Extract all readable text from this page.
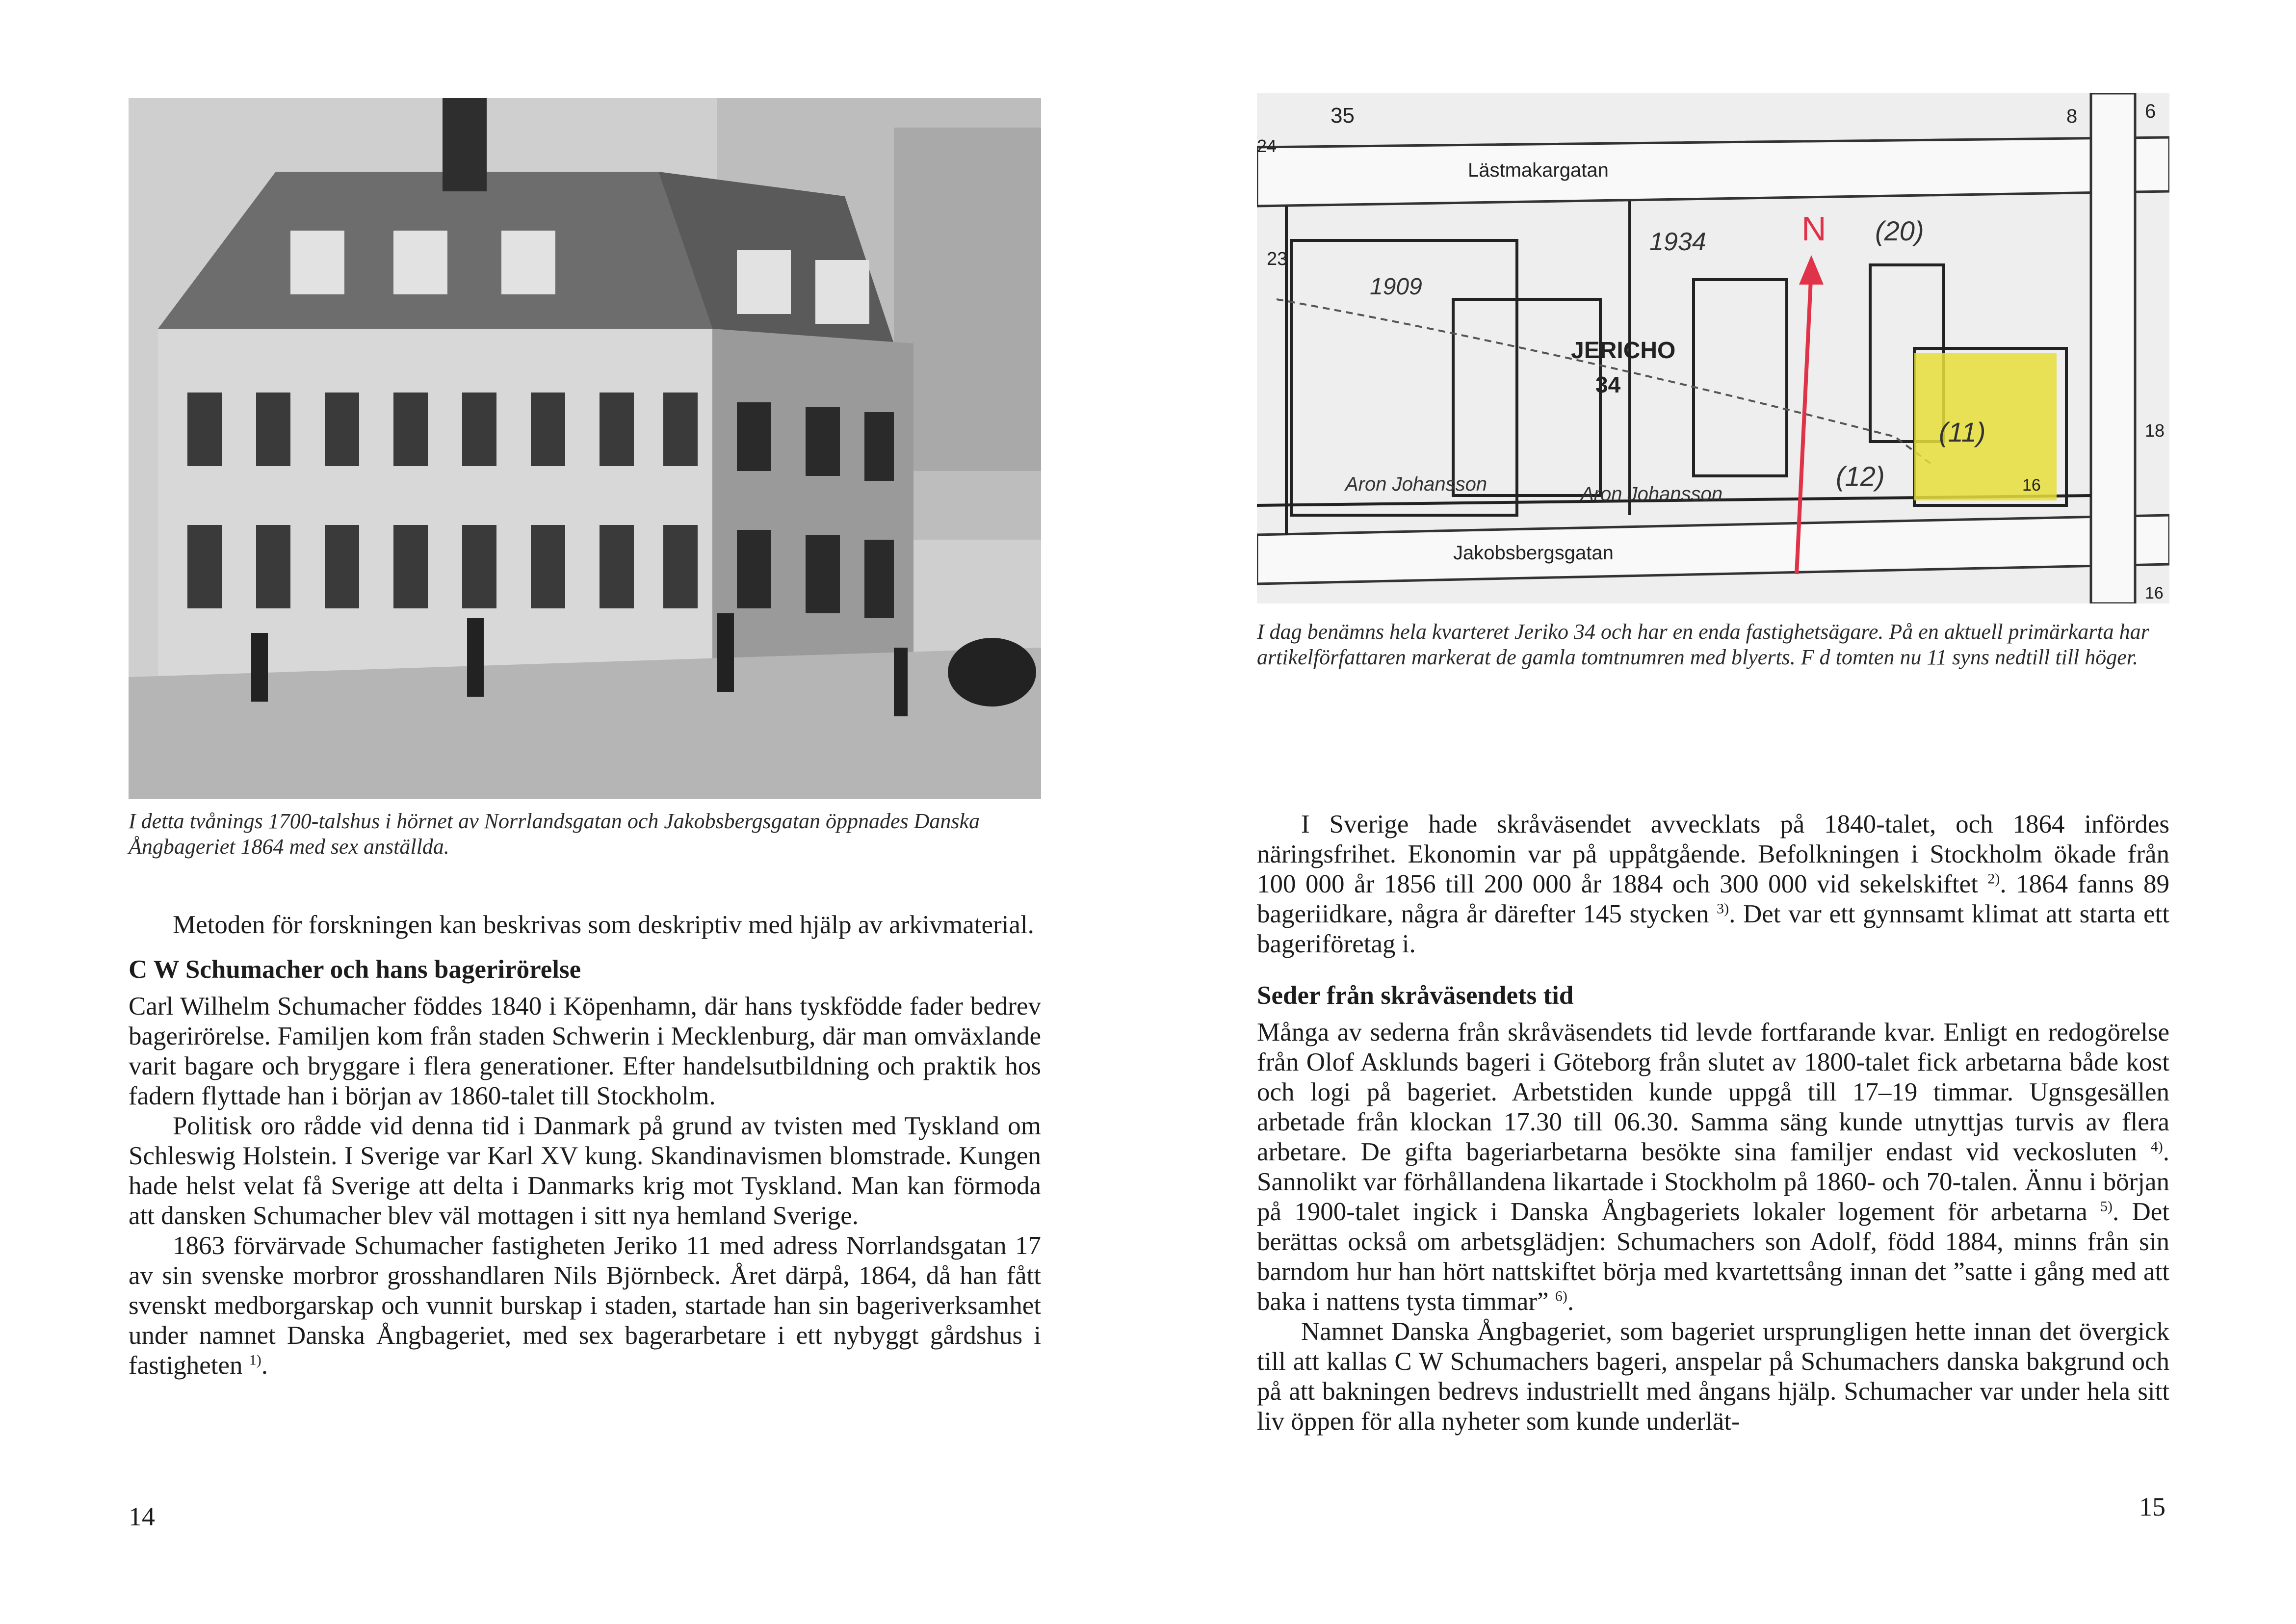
I detta tvånings 1700-talshus i hörnet av Norrlandsgatan och Jakobsbergsgatan öppnades Danska Ångbageriet 1864 med sex anställda.

Metoden för forskningen kan beskrivas som deskriptiv med hjälp av arkivmaterial.

C W Schumacher och hans bagerirörelse

Carl Wilhelm Schumacher föddes 1840 i Köpenhamn, där hans tyskfödde fader bedrev bagerirörelse. Familjen kom från staden Schwerin i Mecklenburg, där man omväxlande varit bagare och bryggare i flera generationer. Efter handelsutbildning och praktik hos fadern flyttade han i början av 1860-talet till Stockholm.

Politisk oro rådde vid denna tid i Danmark på grund av tvisten med Tyskland om Schleswig Holstein. I Sverige var Karl XV kung. Skandinavismen blomstrade. Kungen hade helst velat få Sverige att delta i Danmarks krig mot Tyskland. Man kan förmoda att dansken Schumacher blev väl mottagen i sitt nya hemland Sverige.

1863 förvärvade Schumacher fastigheten Jeriko 11 med adress Norrlandsgatan 17 av sin svenske morbror grosshandlaren Nils Björnbeck. Året därpå, 1864, då han fått svenskt medborgarskap och vunnit burskap i staden, startade han sin bageriverksamhet under namnet Danska Ångbageriet, med sex bagerarbetare i ett nybyggt gårdshus i fastigheten $^{1)}$.

14
Lästmakargatan
Jakobsbergsgatan
JERICHO
34
35
24
23
8	6
16
18
16
1909
1934	N (20)
(11)
(12)
Aron Johansson	Aron Johansson
I dag benämns hela kvarteret Jeriko 34 och har en enda fastighetsägare. På en aktuell primärkarta har artikelförfattaren markerat de gamla tomtnumren med blyerts. F d tomten nu 11 syns nedtill till höger.

I Sverige hade skråväsendet avvecklats på 1840-talet, och 1864 infördes näringsfrihet. Ekonomin var på uppåtgående. Befolkningen i Stockholm ökade från 100 000 år 1856 till 200 000 år 1884 och 300 000 vid sekelskiftet $^{2)}$. 1864 fanns 89 bageriidkare, några år därefter 145 stycken $^{3)}$. Det var ett gynnsamt klimat att starta ett bageriföretag i.

Seder från skråväsendets tid

Många av sederna från skråväsendets tid levde fortfarande kvar. Enligt en redogörelse från Olof Asklunds bageri i Göteborg från slutet av 1800-talet fick arbetarna både kost och logi på bageriet. Arbetstiden kunde uppgå till 17–19 timmar. Ugnsgesällen arbetade från klockan 17.30 till 06.30. Samma säng kunde utnyttjas turvis av flera arbetare. De gifta bageriarbetarna besökte sina familjer endast vid veckosluten $^{4)}$. Sannolikt var förhållandena likartade i Stockholm på 1860- och 70-talen. Ännu i början på 1900-talet ingick i Danska Ångbageriets lokaler logement för arbetarna $^{5)}$. Det berättas också om arbetsglädjen: Schumachers son Adolf, född 1884, minns från sin barndom hur han hört nattskiftet börja med kvartettsång innan det ”satte i gång med att baka i nattens tysta timmar” $^{6)}$.

Namnet Danska Ångbageriet, som bageriet ursprungligen hette innan det övergick till att kallas C W Schumachers bageri, anspelar på Schumachers danska bakgrund och på att bakningen bedrevs industriellt med ångans hjälp. Schumacher var under hela sitt liv öppen för alla nyheter som kunde underlät-

15
